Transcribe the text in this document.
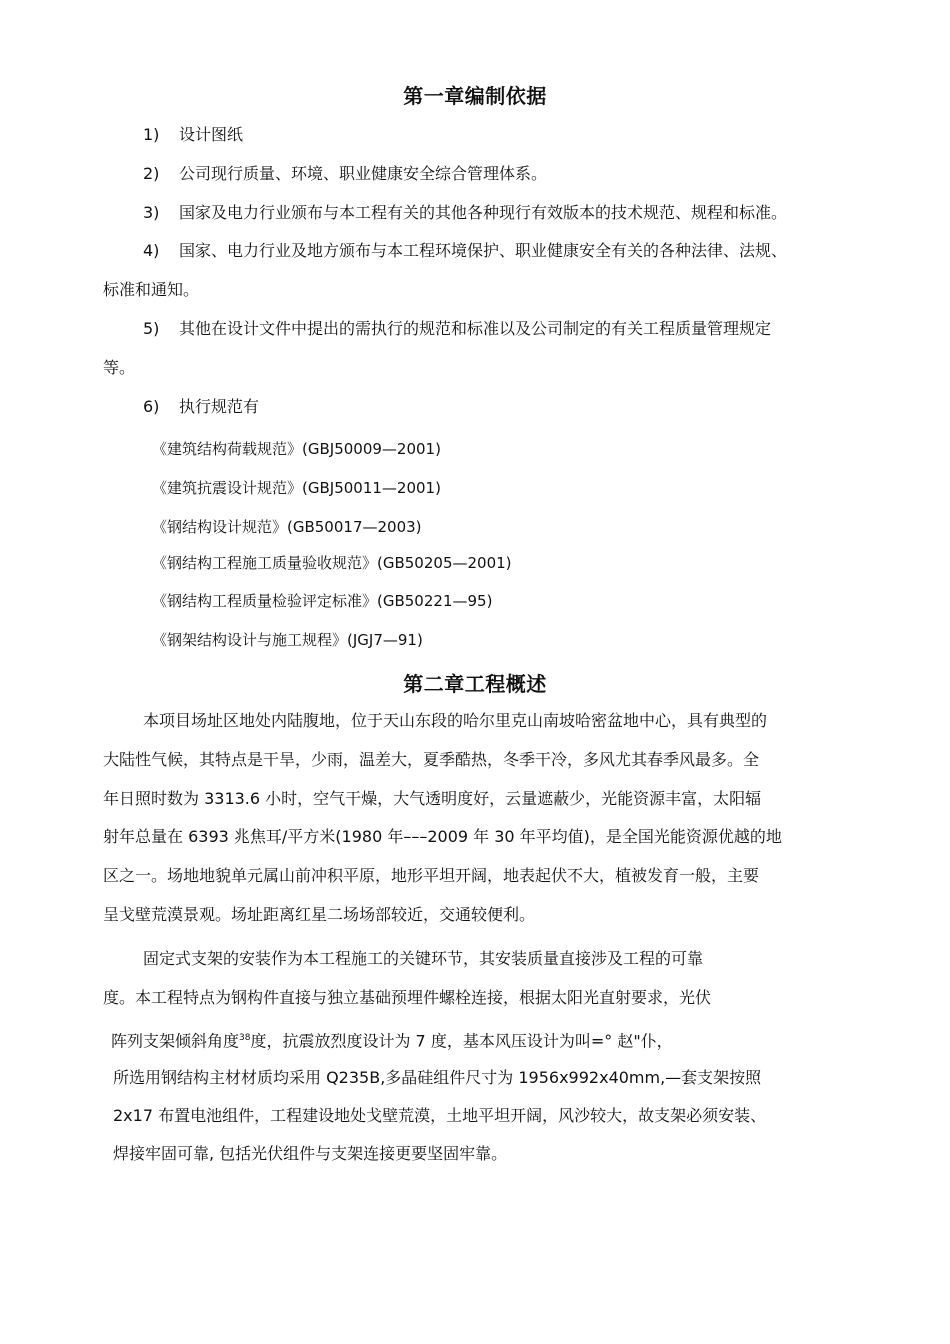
第一章编制依据
1) 设计图纸
2) 公司现行质量、环境、职业健康安全综合管理体系。
3) 国家及电力行业颁布与本工程有关的其他各种现行有效版本的技术规范、规程和标准。
4) 国家、电力行业及地方颁布与本工程环境保护、职业健康安全有关的各种法律、法规、
标准和通知。
5) 其他在设计文件中提出的需执行的规范和标准以及公司制定的有关工程质量管理规定
等。
6) 执行规范有
《建筑结构荷载规范》(GBJ50009—2001)
《建筑抗震设计规范》(GBJ50011—2001)
《钢结构设计规范》(GB50017—2003)
《钢结构工程施工质量验收规范》(GB50205—2001)
《钢结构工程质量检验评定标准》(GB50221—95)
《钢架结构设计与施工规程》(JGJ7—91)
第二章工程概述
本项目场址区地处内陆腹地，位于天山东段的哈尔里克山南坡哈密盆地中心，具有典型的
大陆性气候，其特点是干旱，少雨，温差大，夏季酷热，冬季干冷，多风尤其春季风最多。全
年日照时数为 3313.6 小时，空气干燥，大气透明度好，云量遮蔽少，光能资源丰富，太阳辐
射年总量在 6393 兆焦耳/平方米(1980 年–––2009 年 30 年平均值)，是全国光能资源优越的地
区之一。场地地貌单元属山前冲积平原，地形平坦开阔，地表起伏不大，植被发育一般，主要
呈戈壁荒漠景观。场址距离红星二场场部较近，交通较便利。
固定式支架的安装作为本工程施工的关键环节，其安装质量直接涉及工程的可靠
度。本工程特点为钢构件直接与独立基础预埋件螺栓连接，根据太阳光直射要求，光伏
阵列支架倾斜角度$^{38}$度，抗震放烈度设计为 7 度，基本风压设计为叫=° 赵"仆，
所选用钢结构主材材质均采用 Q235B,多晶硅组件尺寸为 1956x992x40mm,—套支架按照
2x17 布置电池组件，工程建设地处戈壁荒漠，土地平坦开阔，风沙较大，故支架必须安装、
焊接牢固可靠, 包括光伏组件与支架连接更要坚固牢靠。
